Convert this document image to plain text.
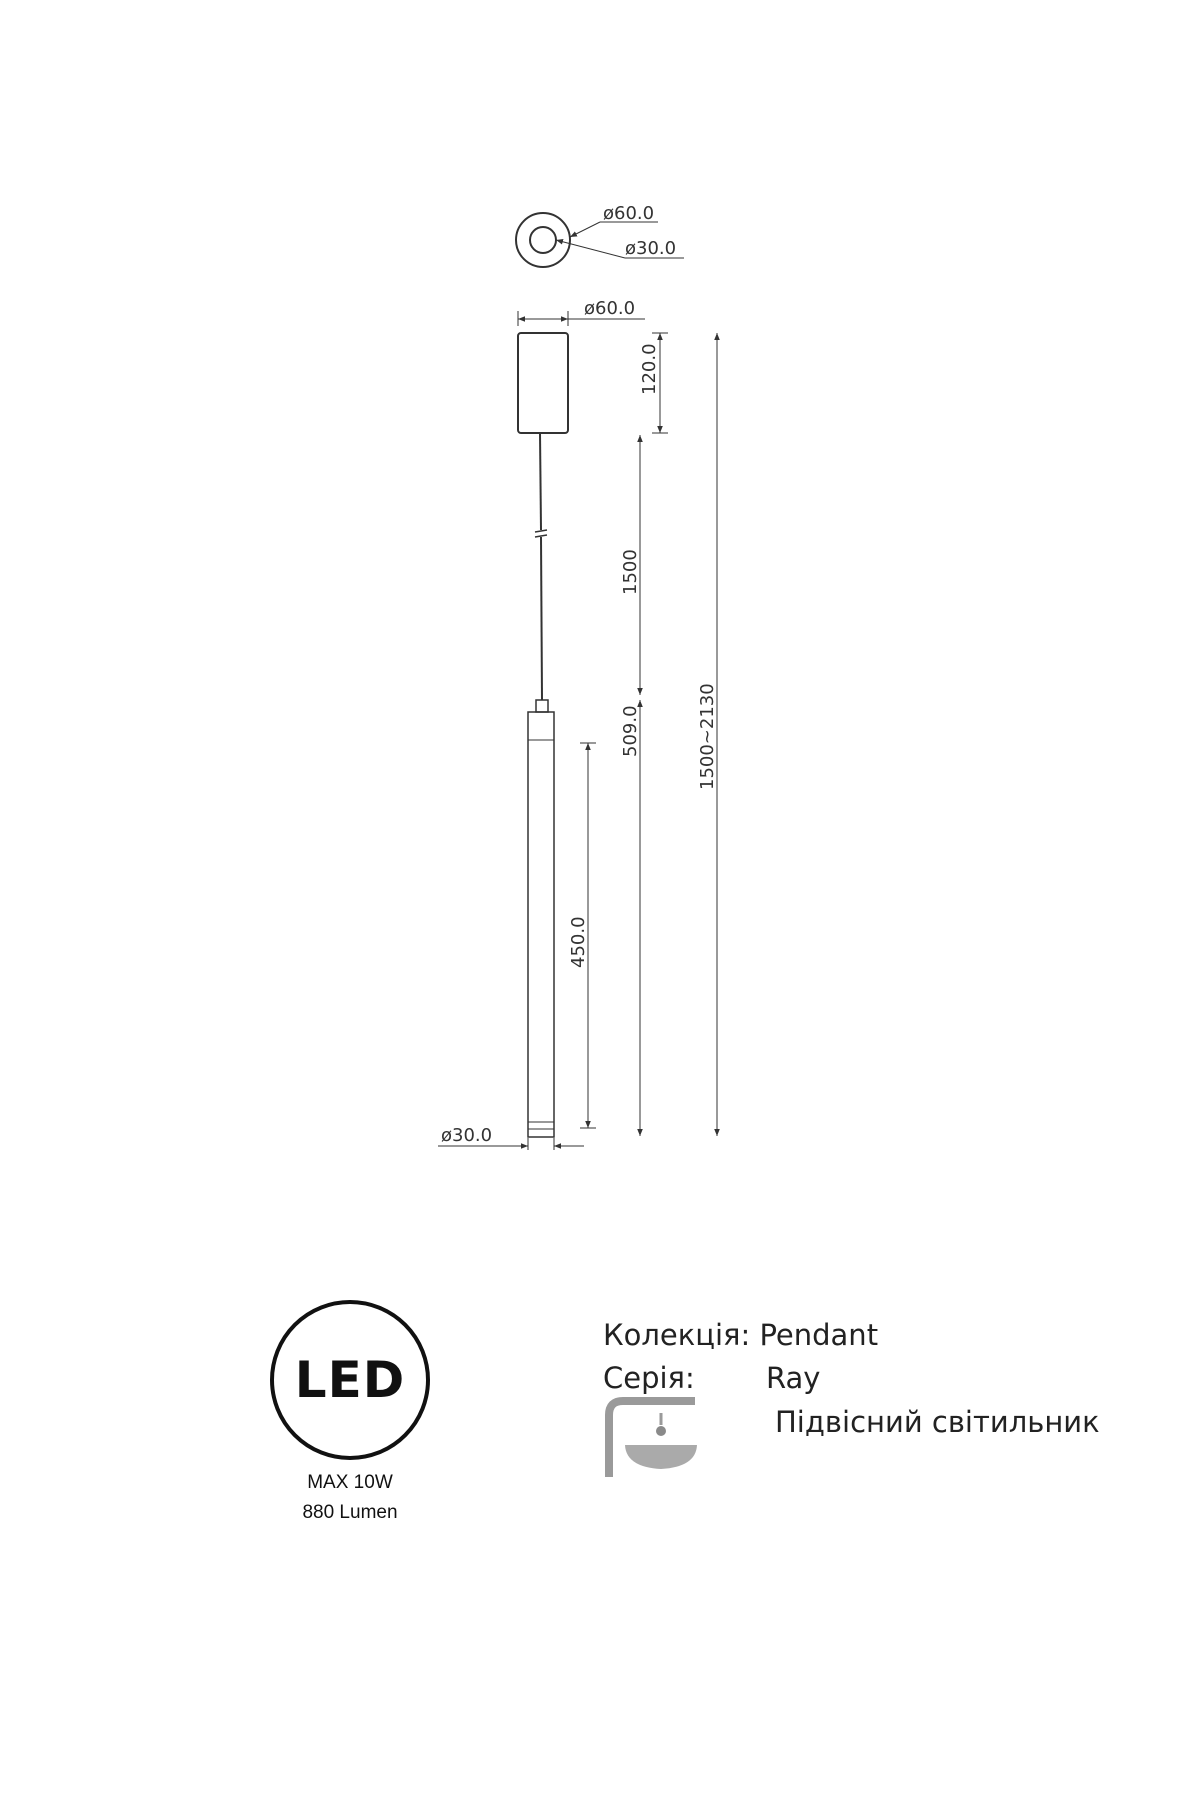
ø60.0
ø30.0
ø60.0
120.0
1500
509.0
450.0
1500~2130
ø30.0
LED
MAX 10W
880 Lumen
Колекція: Pendant
Серія: Ray
Підвісний світильник
